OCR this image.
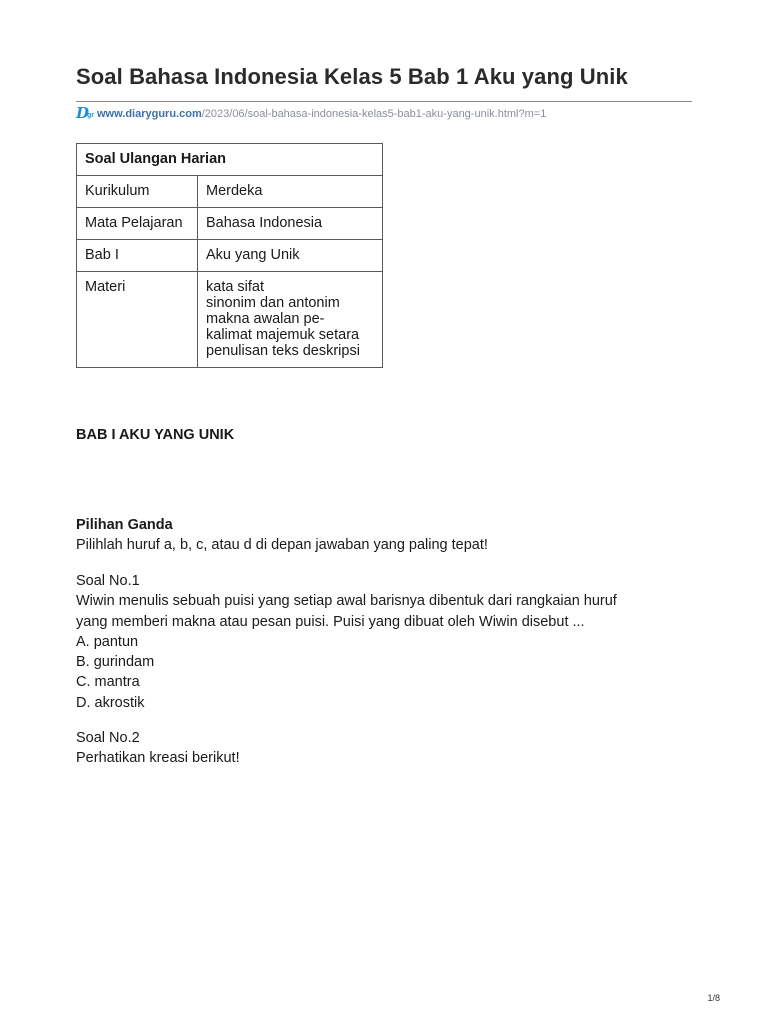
Soal Bahasa Indonesia Kelas 5 Bab 1 Aku yang Unik
D
gr www.diaryguru.com /2023/06/soal-bahasa-indonesia-kelas5-bab1-aku-yang-unik.html?m=1
Soal Ulangan Harian	
Kurikulum	Merdeka
Mata Pelajaran	Bahasa Indonesia
Bab I	Aku yang Unik
Materi	kata sifat
sinonim dan antonim
makna awalan pe-
kalimat majemuk setara
penulisan teks deskripsi
BAB I AKU YANG UNIK
Pilihan Ganda
Pilihlah huruf a, b, c, atau d di depan jawaban yang paling tepat!
Soal No.1
Wiwin menulis sebuah puisi yang setiap awal barisnya dibentuk dari rangkaian huruf
yang memberi makna atau pesan puisi. Puisi yang dibuat oleh Wiwin disebut ...
A. pantun
B. gurindam
C. mantra
D. akrostik
Soal No.2
Perhatikan kreasi berikut!
1/8
